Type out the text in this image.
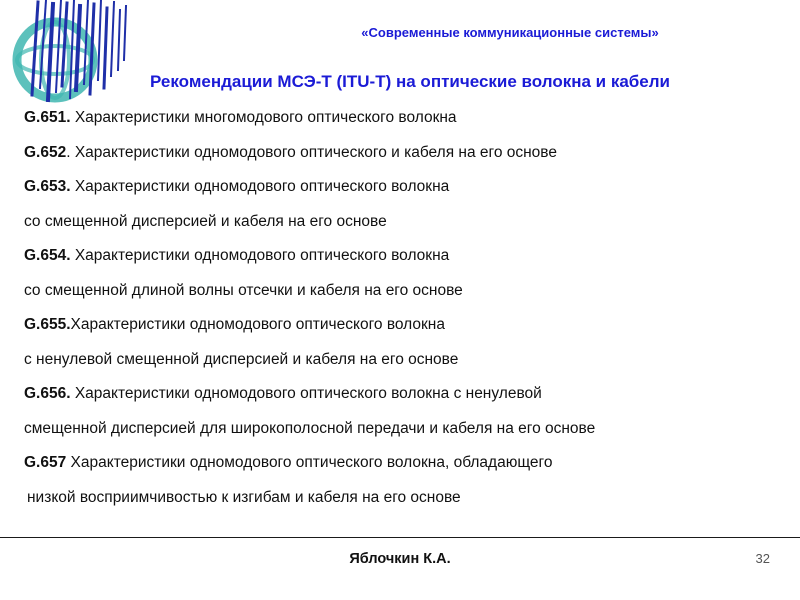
«Современные коммуникационные системы»
Рекомендации МСЭ-Т (ITU-T) на оптические волокна и кабели
G.651. Характеристики многомодового оптического волокна
G.652. Характеристики одномодового оптического и кабеля на его основе
G.653. Характеристики одномодового оптического волокна
со смещенной дисперсией и кабеля на его основе
G.654. Характеристики одномодового оптического волокна
со смещенной длиной волны отсечки и кабеля на его основе
G.655.Характеристики одномодового оптического волокна
с ненулевой смещенной дисперсией и кабеля на его основе
G.656. Характеристики одномодового оптического волокна с ненулевой
смещенной дисперсией для широкополосной передачи и кабеля на его основе
G.657 Характеристики одномодового оптического волокна, обладающего
низкой восприимчивостью к изгибам и кабеля на его основе
Яблочкин К.А.	32
